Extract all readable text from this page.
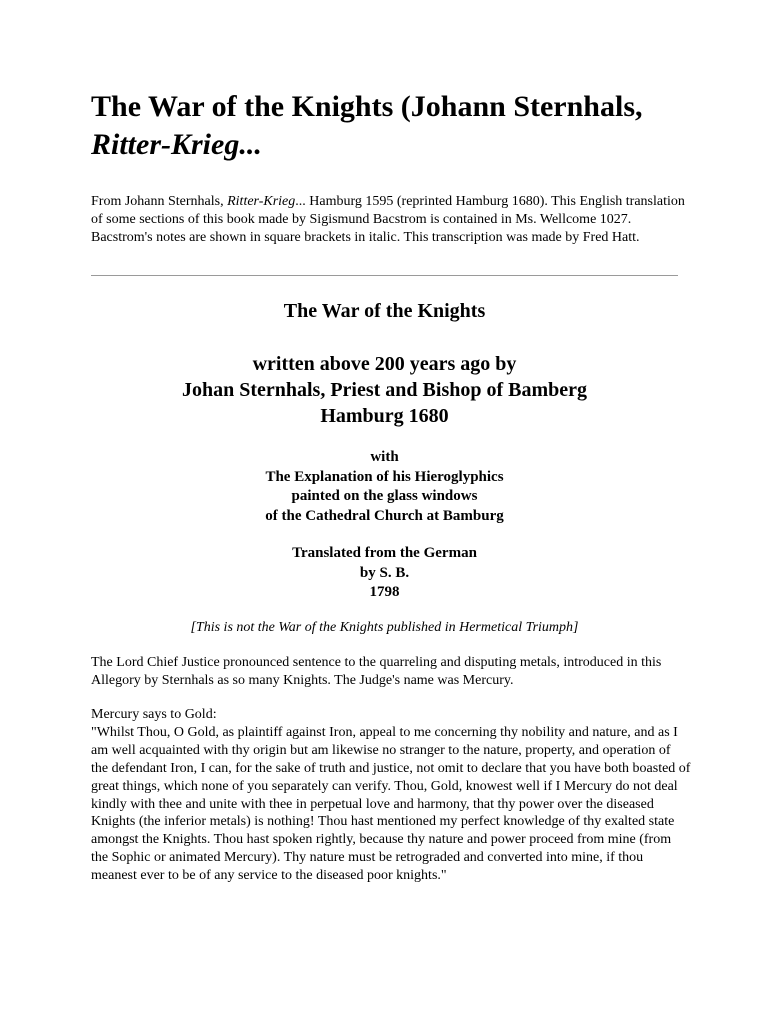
The War of the Knights (Johann Sternhals,
Ritter-Krieg...

From Johann Sternhals, Ritter-Krieg... Hamburg 1595 (reprinted Hamburg 1680). This English translation of some sections of this book made by Sigismund Bacstrom is contained in Ms. Wellcome 1027. Bacstrom's notes are shown in square brackets in italic. This transcription was made by Fred Hatt.

The War of the Knights

written above 200 years ago by
Johan Sternhals, Priest and Bishop of Bamberg
Hamburg 1680

with
The Explanation of his Hieroglyphics
painted on the glass windows
of the Cathedral Church at Bamburg

Translated from the German
by S. B.
1798

[This is not the War of the Knights published in Hermetical Triumph]

The Lord Chief Justice pronounced sentence to the quarreling and disputing metals, introduced in this Allegory by Sternhals as so many Knights. The Judge's name was Mercury.

Mercury says to Gold:
"Whilst Thou, O Gold, as plaintiff against Iron, appeal to me concerning thy nobility and nature, and as I am well acquainted with thy origin but am likewise no stranger to the nature, property, and operation of the defendant Iron, I can, for the sake of truth and justice, not omit to declare that you have both boasted of great things, which none of you separately can verify. Thou, Gold, knowest well if I Mercury do not deal kindly with thee and unite with thee in perpetual love and harmony, that thy power over the diseased Knights (the inferior metals) is nothing! Thou hast mentioned my perfect knowledge of thy exalted state amongst the Knights. Thou hast spoken rightly, because thy nature and power proceed from mine (from the Sophic or animated Mercury). Thy nature must be retrograded and converted into mine, if thou meanest ever to be of any service to the diseased poor knights."
